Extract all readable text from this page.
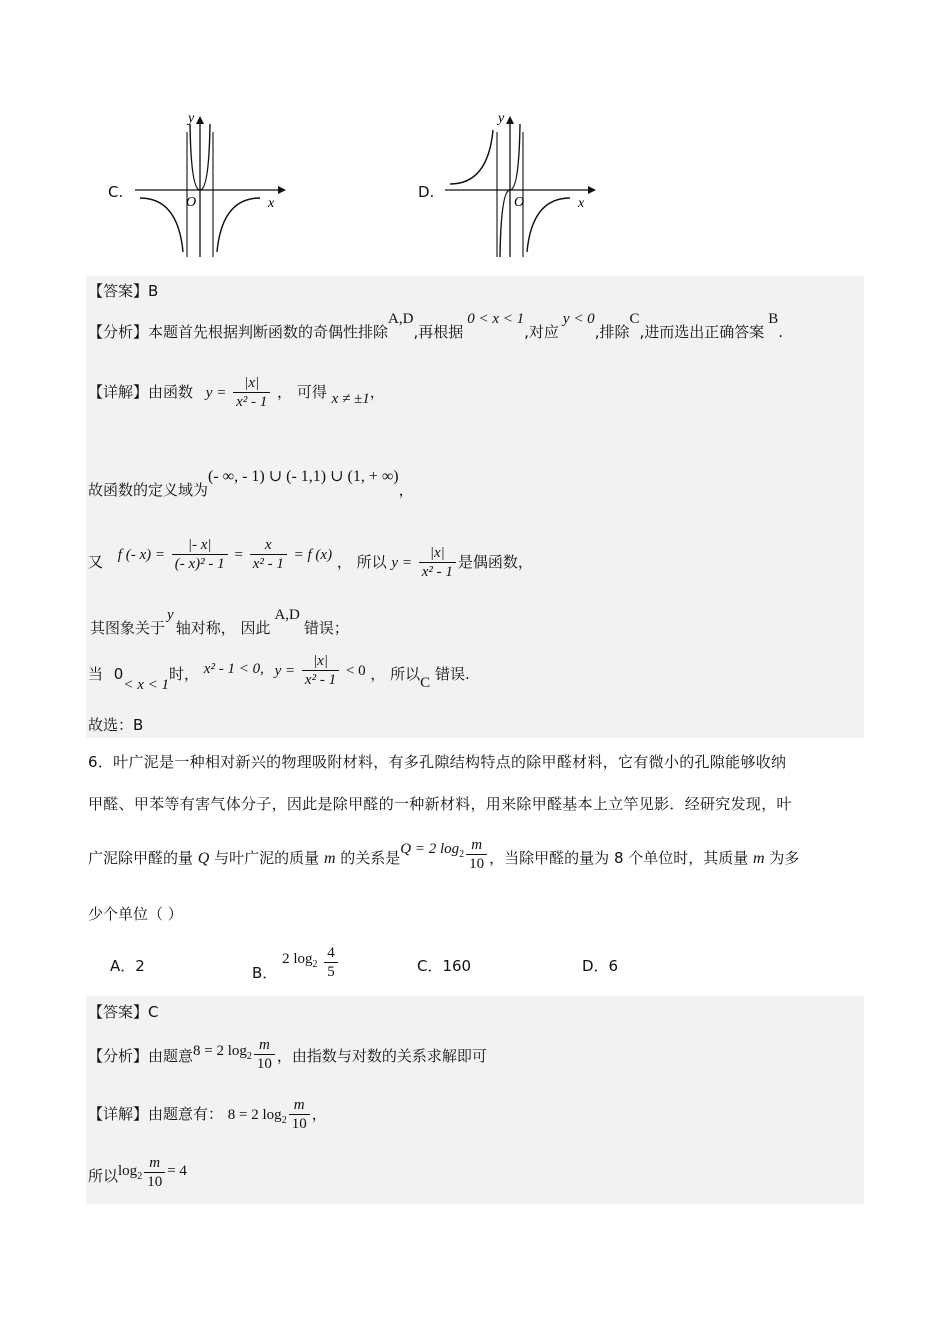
C.
y
x
O
D.
y
x
O
【答案】B
【分析】本题首先根据判断函数的奇偶性排除A,D,再根据0 < x < 1,对应y < 0,排除C,进而选出正确答案B.
【详解】由函数 $y = \frac{|x|}{\text{x² - 1}}$ ， 可得 x ≠ ±1，
故函数的定义域为(- ∞, - 1) ∪ (- 1,1) ∪ (1, + ∞)，
又 f (- $x) = \frac{|- x|}{\text{(- x)² - 1}} = \frac{x}{\text{x² - 1}} = f$ (x) ， 所以 $y = \frac{|x|}{\text{x² - 1}}$ 是偶函数，
其图象关于y轴对称， 因此A,D错误；
当 0< x < 1时， x² - 1 < 0, $y = \frac{|x|}{\text{x² - 1}} < 0$ ， 所以C 错误.
故选：B
6．叶广泥是一种相对新兴的物理吸附材料，有多孔隙结构特点的除甲醛材料，它有微小的孔隙能够收纳
甲醛、甲苯等有害气体分子，因此是除甲醛的一种新材料，用来除甲醛基本上立竿见影．经研究发现，叶
广泥除甲醛的量 Q 与叶广泥的质量 m 的关系是Q = 2 $\log_2 \frac{m}{10}$ ，当除甲醛的量为 8 个单位时，其质量 m 为多
少个单位（ ）
A．2	B． 2 $\log_2 \frac{4}{5}$	C．160	D．6
【答案】C
【分析】由题意8 = 2 $\log_2 \frac{m}{10}$ ，由指数与对数的关系求解即可
【详解】由题意有： 8 = 2 $\log_2 \frac{m}{10}$ ，
所以$\log_2 \frac{m}{10} = 4$
